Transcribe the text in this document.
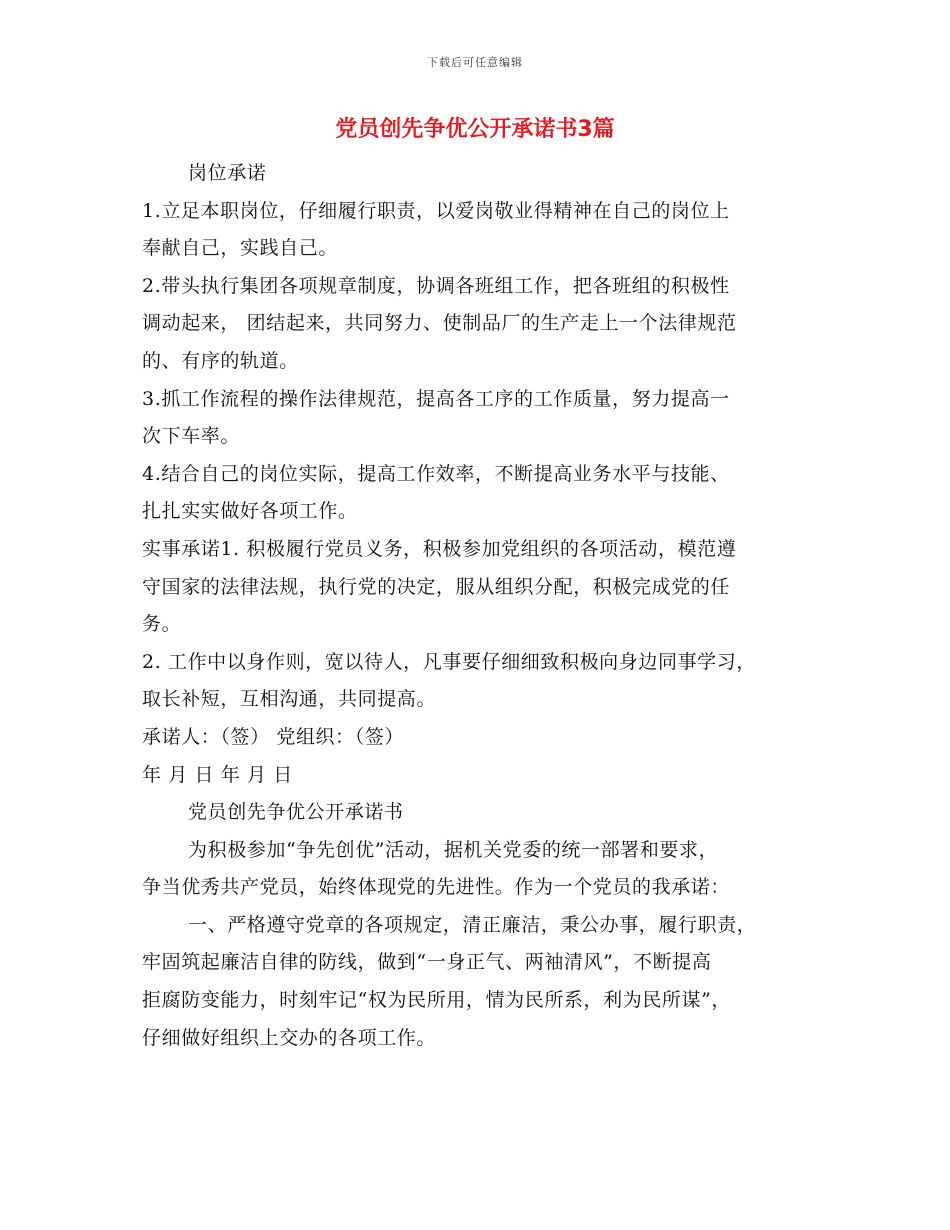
下载后可任意编辑
党员创先争优公开承诺书3篇
岗位承诺
1.立足本职岗位，仔细履行职责，以爱岗敬业得精神在自己的岗位上
奉献自己，实践自己。
2.带头执行集团各项规章制度，协调各班组工作，把各班组的积极性
调动起来， 团结起来，共同努力、使制品厂的生产走上一个法律规范
的、有序的轨道。
3.抓工作流程的操作法律规范，提高各工序的工作质量，努力提高一
次下车率。
4.结合自己的岗位实际，提高工作效率，不断提高业务水平与技能、
扎扎实实做好各项工作。
实事承诺1. 积极履行党员义务，积极参加党组织的各项活动，模范遵
守国家的法律法规，执行党的决定，服从组织分配，积极完成党的任
务。
2. 工作中以身作则，宽以待人，凡事要仔细细致积极向身边同事学习，
取长补短，互相沟通，共同提高。
承诺人：（签） 党组织：（签）
年 月 日 年 月 日
党员创先争优公开承诺书
为积极参加“争先创优”活动，据机关党委的统一部署和要求，
争当优秀共产党员，始终体现党的先进性。作为一个党员的我承诺：
一、严格遵守党章的各项规定，清正廉洁，秉公办事，履行职责，
牢固筑起廉洁自律的防线，做到“一身正气、两袖清风”，不断提高
拒腐防变能力，时刻牢记“权为民所用，情为民所系，利为民所谋”，
仔细做好组织上交办的各项工作。
